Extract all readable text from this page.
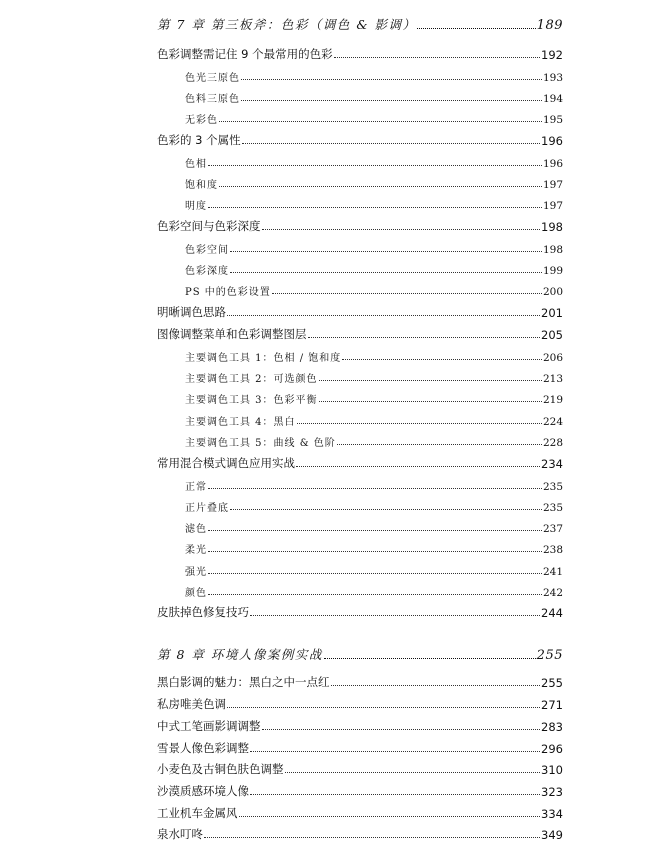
第 7 章 第三板斧：色彩（调色 & 影调）	189
色彩调整需记住 9 个最常用的色彩	192
色光三原色	193
色料三原色	194
无彩色	195
色彩的 3 个属性	196
色相	196
饱和度	197
明度	197
色彩空间与色彩深度	198
色彩空间	198
色彩深度	199
PS 中的色彩设置	200
明晰调色思路	201
图像调整菜单和色彩调整图层	205
主要调色工具 1：色相 / 饱和度	206
主要调色工具 2：可选颜色	213
主要调色工具 3：色彩平衡	219
主要调色工具 4：黑白	224
主要调色工具 5：曲线 & 色阶	228
常用混合模式调色应用实战	234
正常	235
正片叠底	235
滤色	237
柔光	238
强光	241
颜色	242
皮肤掉色修复技巧	244
第 8 章 环境人像案例实战	255
黑白影调的魅力：黑白之中一点红	255
私房唯美色调	271
中式工笔画影调调整	283
雪景人像色彩调整	296
小麦色及古铜色肤色调整	310
沙漠质感环境人像	323
工业机车金属风	334
泉水叮咚	349
